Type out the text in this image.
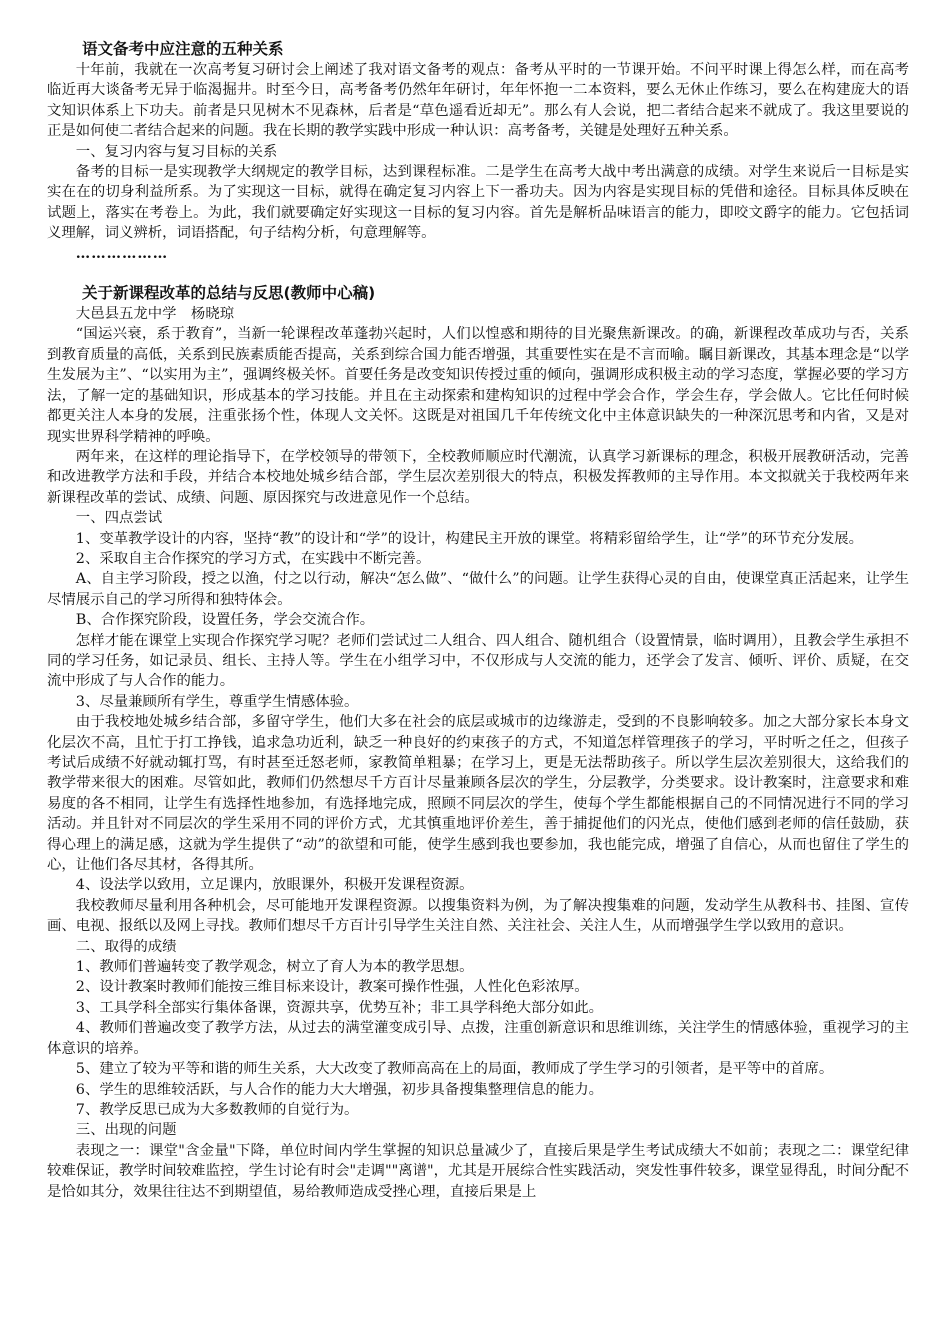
语文备考中应注意的五种关系

十年前，我就在一次高考复习研讨会上阐述了我对语文备考的观点：备考从平时的一节课开始。不问平时课上得怎么样，而在高考临近再大谈备考无异于临渴掘井。时至今日，高考备考仍然年年研讨，年年怀抱一二本资料，要么无休止作练习，要么在构建庞大的语文知识体系上下功夫。前者是只见树木不见森林，后者是“草色遥看近却无”。那么有人会说，把二者结合起来不就成了。我这里要说的正是如何使二者结合起来的问题。我在长期的教学实践中形成一种认识：高考备考，关键是处理好五种关系。

一、复习内容与复习目标的关系

备考的目标一是实现教学大纲规定的教学目标，达到课程标准。二是学生在高考大战中考出满意的成绩。对学生来说后一目标是实实在在的切身利益所系。为了实现这一目标，就得在确定复习内容上下一番功夫。因为内容是实现目标的凭借和途径。目标具体反映在试题上，落实在考卷上。为此，我们就要确定好实现这一目标的复习内容。首先是解析品味语言的能力，即咬文爵字的能力。它包括词义理解，词义辨析，词语搭配，句子结构分析，句意理解等。

………………
关于新课程改革的总结与反思(教师中心稿)

大邑县五龙中学　杨晓琼

“国运兴衰，系于教育”，当新一轮课程改革蓬勃兴起时，人们以惶惑和期待的目光聚焦新课改。的确，新课程改革成功与否，关系到教育质量的高低，关系到民族素质能否提高，关系到综合国力能否增强，其重要性实在是不言而喻。瞩目新课改，其基本理念是“以学生发展为主”、“以实用为主”，强调终极关怀。首要任务是改变知识传授过重的倾向，强调形成积极主动的学习态度，掌握必要的学习方法，了解一定的基础知识，形成基本的学习技能。并且在主动探索和建构知识的过程中学会合作，学会生存，学会做人。它比任何时候都更关注人本身的发展，注重张扬个性，体现人文关怀。这既是对祖国几千年传统文化中主体意识缺失的一种深沉思考和内省，又是对现实世界科学精神的呼唤。

两年来，在这样的理论指导下，在学校领导的带领下，全校教师顺应时代潮流，认真学习新课标的理念，积极开展教研活动，完善和改进教学方法和手段，并结合本校地处城乡结合部，学生层次差别很大的特点，积极发挥教师的主导作用。本文拟就关于我校两年来新课程改革的尝试、成绩、问题、原因探究与改进意见作一个总结。

一、四点尝试

1、变革教学设计的内容，坚持“教”的设计和“学”的设计，构建民主开放的课堂。将精彩留给学生，让“学”的环节充分发展。

2、采取自主合作探究的学习方式，在实践中不断完善。

A、自主学习阶段，授之以渔，付之以行动，解决“怎么做”、“做什么”的问题。让学生获得心灵的自由，使课堂真正活起来，让学生尽情展示自己的学习所得和独特体会。

B、合作探究阶段，设置任务，学会交流合作。

怎样才能在课堂上实现合作探究学习呢？老师们尝试过二人组合、四人组合、随机组合（设置情景，临时调用），且教会学生承担不同的学习任务，如记录员、组长、主持人等。学生在小组学习中，不仅形成与人交流的能力，还学会了发言、倾听、评价、质疑，在交流中形成了与人合作的能力。

3、尽量兼顾所有学生，尊重学生情感体验。

由于我校地处城乡结合部，多留守学生，他们大多在社会的底层或城市的边缘游走，受到的不良影响较多。加之大部分家长本身文化层次不高，且忙于打工挣钱，追求急功近利，缺乏一种良好的约束孩子的方式，不知道怎样管理孩子的学习，平时听之任之，但孩子考试后成绩不好就动辄打骂，有时甚至迁怒老师，家教简单粗暴；在学习上，更是无法帮助孩子。所以学生层次差别很大，这给我们的教学带来很大的困难。尽管如此，教师们仍然想尽千方百计尽量兼顾各层次的学生，分层教学，分类要求。设计教案时，注意要求和难易度的各不相同，让学生有选择性地参加，有选择地完成，照顾不同层次的学生，使每个学生都能根据自己的不同情况进行不同的学习活动。并且针对不同层次的学生采用不同的评价方式，尤其慎重地评价差生，善于捕捉他们的闪光点，使他们感到老师的信任鼓励，获得心理上的满足感，这就为学生提供了“动”的欲望和可能，使学生感到我也要参加，我也能完成，增强了自信心，从而也留住了学生的心，让他们各尽其材，各得其所。

4、设法学以致用，立足课内，放眼课外，积极开发课程资源。

我校教师尽量利用各种机会，尽可能地开发课程资源。以搜集资料为例，为了解决搜集难的问题，发动学生从教科书、挂图、宣传画、电视、报纸以及网上寻找。教师们想尽千方百计引导学生关注自然、关注社会、关注人生，从而增强学生学以致用的意识。

二、取得的成绩

1、教师们普遍转变了教学观念，树立了育人为本的教学思想。

2、设计教案时教师们能按三维目标来设计，教案可操作性强，人性化色彩浓厚。

3、工具学科全部实行集体备课，资源共享，优势互补；非工具学科绝大部分如此。

4、教师们普遍改变了教学方法，从过去的满堂灌变成引导、点拨，注重创新意识和思维训练，关注学生的情感体验，重视学习的主体意识的培养。

5、建立了较为平等和谐的师生关系，大大改变了教师高高在上的局面，教师成了学生学习的引领者，是平等中的首席。

6、学生的思维较活跃，与人合作的能力大大增强，初步具备搜集整理信息的能力。

7、教学反思已成为大多数教师的自觉行为。

三、出现的问题

表现之一：课堂"含金量"下降，单位时间内学生掌握的知识总量减少了，直接后果是学生考试成绩大不如前；表现之二：课堂纪律较难保证，教学时间较难监控，学生讨论有时会"走调""离谱"，尤其是开展综合性实践活动，突发性事件较多，课堂显得乱，时间分配不是恰如其分，效果往往达不到期望值，易给教师造成受挫心理，直接后果是上
